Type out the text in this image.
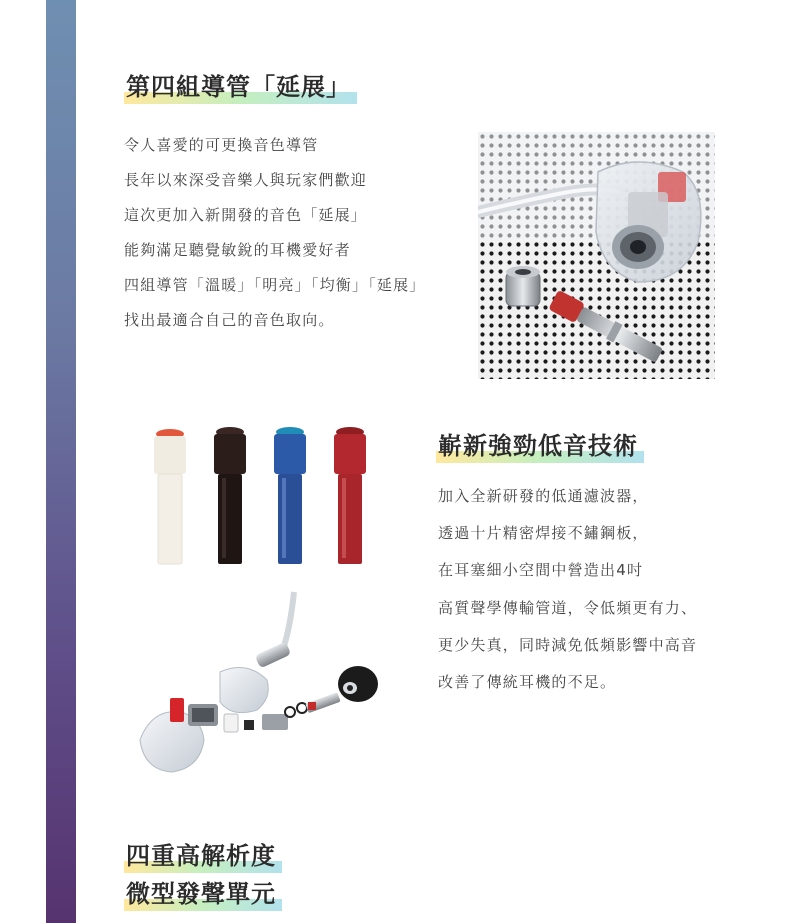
第四組導管「延展」
令人喜愛的可更換音色導管
長年以來深受音樂人與玩家們歡迎
這次更加入新開發的音色「延展」
能夠滿足聽覺敏銳的耳機愛好者
四組導管「溫暖」「明亮」「均衡」「延展」
找出最適合自己的音色取向。
嶄新強勁低音技術
加入全新研發的低通濾波器，
透過十片精密焊接不鏽鋼板，
在耳塞細小空間中營造出4吋
高質聲學傳輸管道，令低頻更有力、
更少失真，同時減免低頻影響中高音
改善了傳統耳機的不足。
四重高解析度
微型發聲單元
